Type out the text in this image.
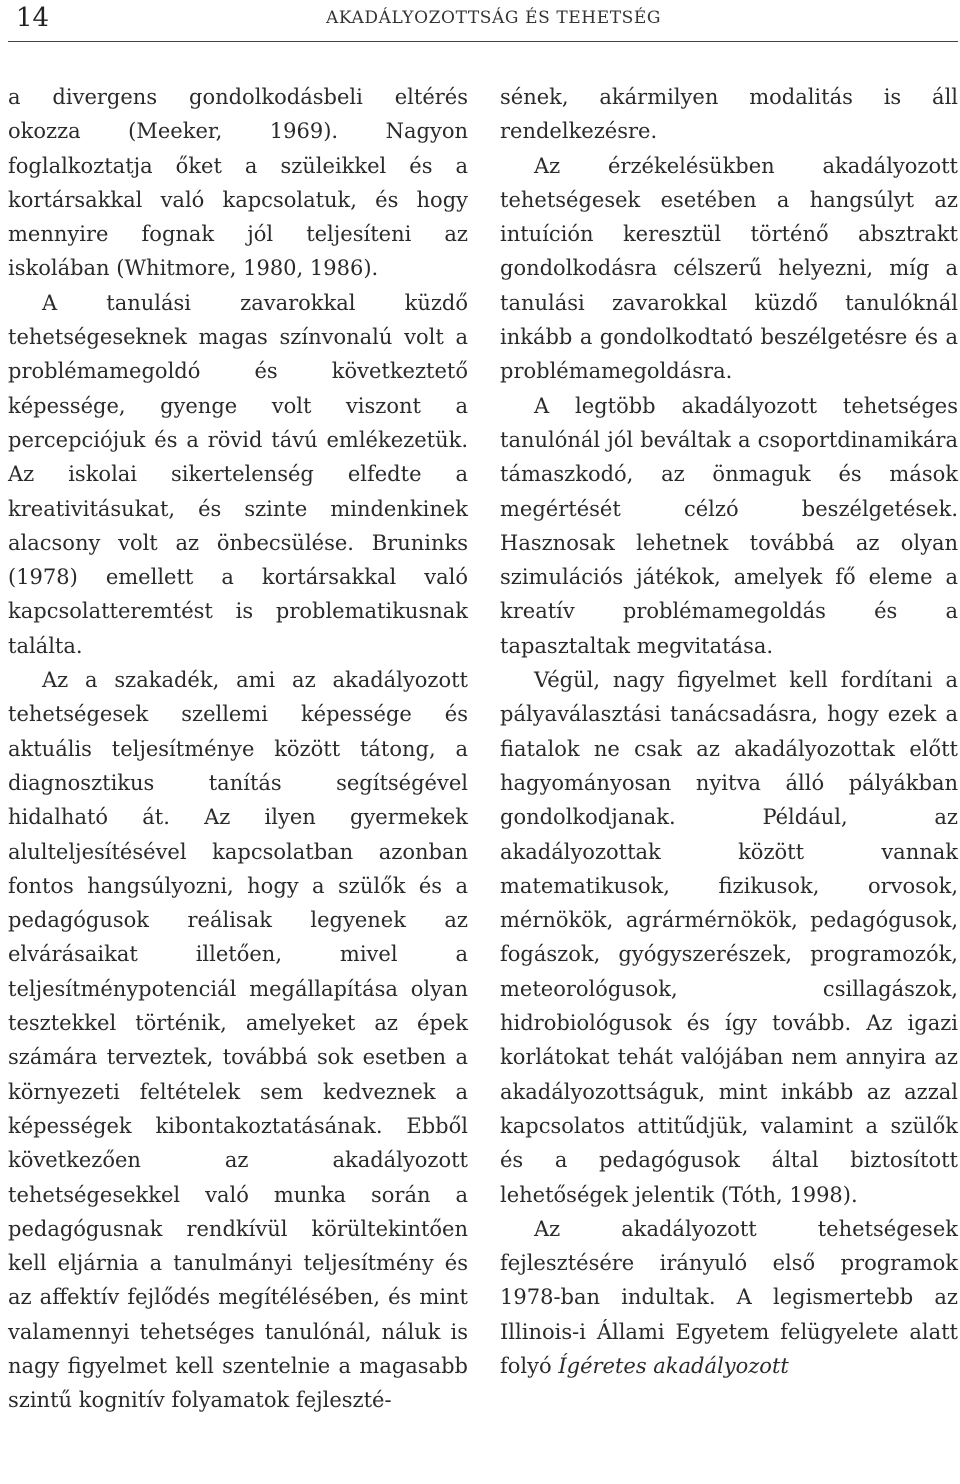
14	AKADÁLYOZOTTSÁG ÉS TEHETSÉG

a divergens gondolkodásbeli eltérés okozza (Meeker, 1969). Nagyon foglalkoztatja őket a szüleikkel és a kortársakkal való kapcsolatuk, és hogy mennyire fognak jól teljesíteni az iskolában (Whitmore, 1980, 1986).

A tanulási zavarokkal küzdő tehetségeseknek magas színvonalú volt a problémamegoldó és következtető képessége, gyenge volt viszont a percepciójuk és a rövid távú emlékezetük. Az iskolai sikertelenség elfedte a kreativitásukat, és szinte mindenkinek alacsony volt az önbecsülése. Bruninks (1978) emellett a kortársakkal való kapcsolatteremtést is problematikusnak találta.

Az a szakadék, ami az akadályozott tehetségesek szellemi képessége és aktuális teljesítménye között tátong, a diagnosztikus tanítás segítségével hidalható át. Az ilyen gyermekek alulteljesítésével kapcsolatban azonban fontos hangsúlyozni, hogy a szülők és a pedagógusok reálisak legyenek az elvárásaikat illetően, mivel a teljesítménypotenciál megállapítása olyan tesztekkel történik, amelyeket az épek számára terveztek, továbbá sok esetben a környezeti feltételek sem kedveznek a képességek kibontakoztatásának. Ebből következően az akadályozott tehetségesekkel való munka során a pedagógusnak rendkívül körültekintően kell eljárnia a tanulmányi teljesítmény és az affektív fejlődés megítélésében, és mint valamennyi tehetséges tanulónál, náluk is nagy figyelmet kell szentelnie a magasabb szintű kognitív folyamatok fejleszté-

sének, akármilyen modalitás is áll rendelkezésre.

Az érzékelésükben akadályozott tehetségesek esetében a hangsúlyt az intuíción keresztül történő absztrakt gondolkodásra célszerű helyezni, míg a tanulási zavarokkal küzdő tanulóknál inkább a gondolkodtató beszélgetésre és a problémamegoldásra.

A legtöbb akadályozott tehetséges tanulónál jól beváltak a csoportdinamikára támaszkodó, az önmaguk és mások megértését célzó beszélgetések. Hasznosak lehetnek továbbá az olyan szimulációs játékok, amelyek fő eleme a kreatív problémamegoldás és a tapasztaltak megvitatása.

Végül, nagy figyelmet kell fordítani a pályaválasztási tanácsadásra, hogy ezek a fiatalok ne csak az akadályozottak előtt hagyományosan nyitva álló pályákban gondolkodjanak. Például, az akadályozottak között vannak matematikusok, fizikusok, orvosok, mérnökök, agrármérnökök, pedagógusok, fogászok, gyógyszerészek, programozók, meteorológusok, csillagászok, hidrobiológusok és így tovább. Az igazi korlátokat tehát valójában nem annyira az akadályozottságuk, mint inkább az azzal kapcsolatos attitűdjük, valamint a szülők és a pedagógusok által biztosított lehetőségek jelentik (Tóth, 1998).

Az akadályozott tehetségesek fejlesztésére irányuló első programok 1978-ban indultak. A legismertebb az Illinois-i Állami Egyetem felügyelete alatt folyó Ígéretes akadályozott
